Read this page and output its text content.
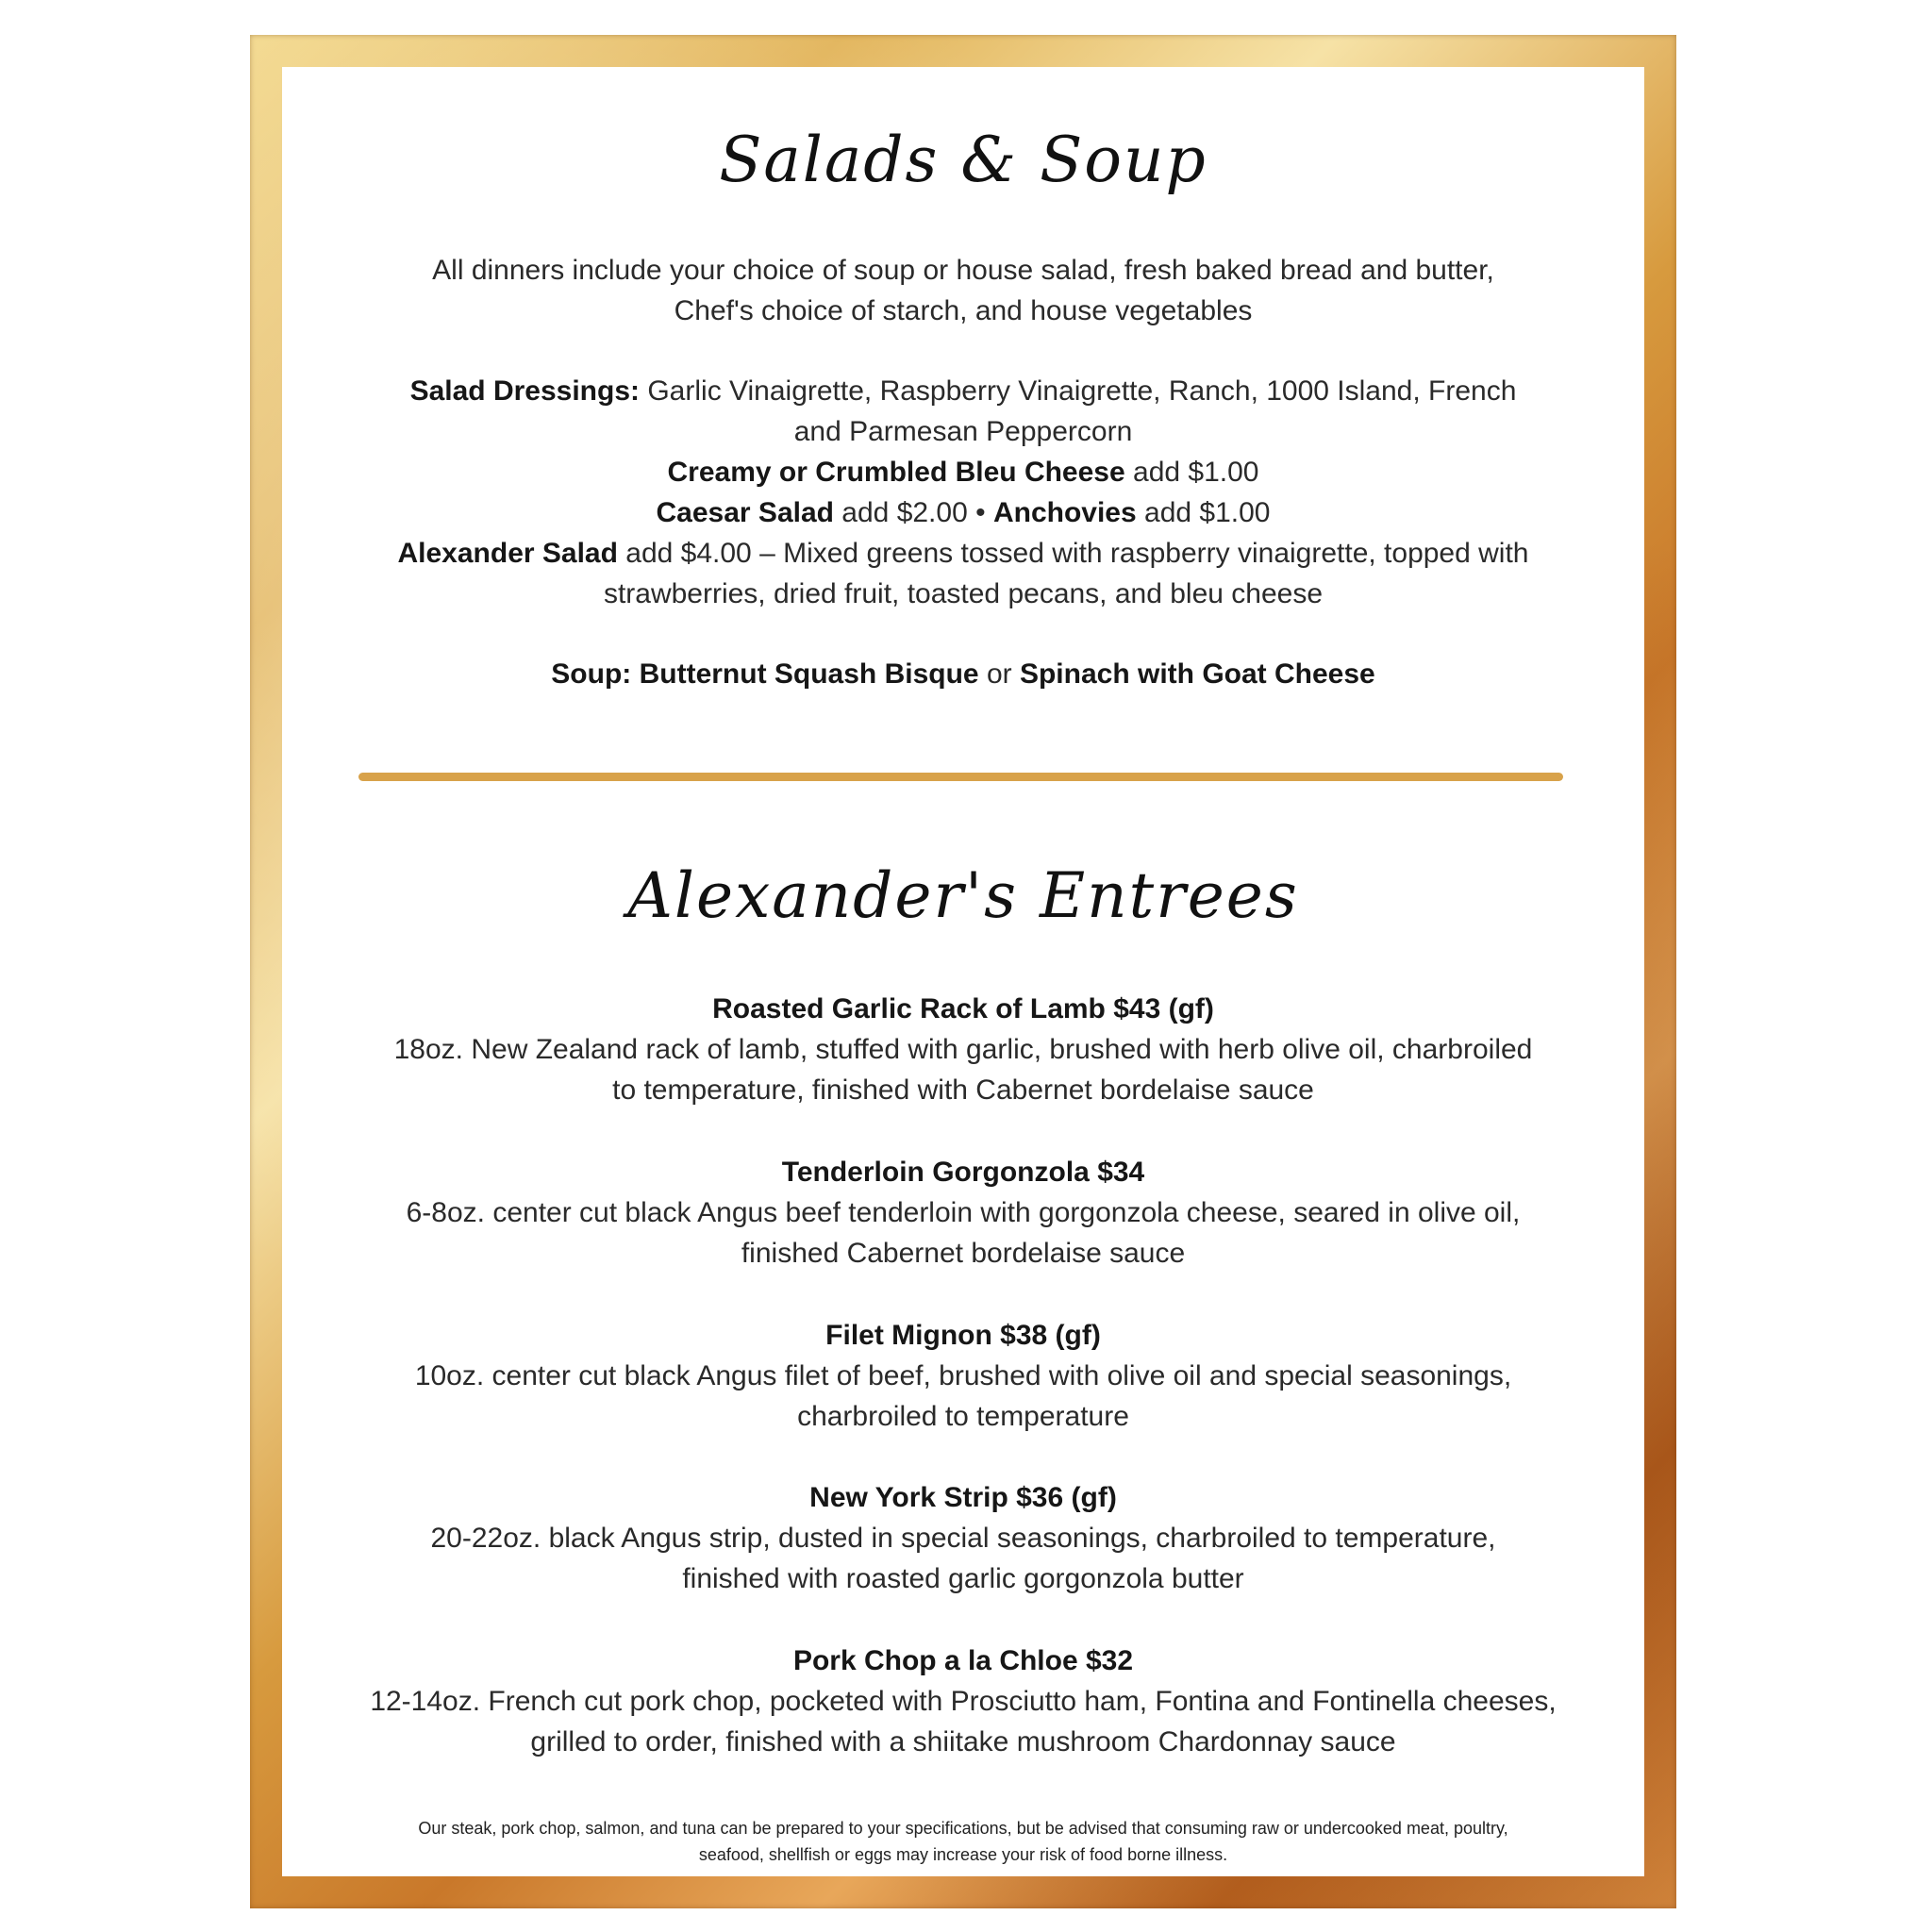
Salads & Soup
All dinners include your choice of soup or house salad, fresh baked bread and butter,
Chef's choice of starch, and house vegetables
Salad Dressings: Garlic Vinaigrette, Raspberry Vinaigrette, Ranch, 1000 Island, French
and Parmesan Peppercorn
Creamy or Crumbled Bleu Cheese add $1.00
Caesar Salad add $2.00 • Anchovies add $1.00
Alexander Salad add $4.00 – Mixed greens tossed with raspberry vinaigrette, topped with
strawberries, dried fruit, toasted pecans, and bleu cheese
Soup: Butternut Squash Bisque or Spinach with Goat Cheese
Alexander's Entrees
Roasted Garlic Rack of Lamb $43 (gf)
18oz. New Zealand rack of lamb, stuffed with garlic, brushed with herb olive oil, charbroiled
to temperature, finished with Cabernet bordelaise sauce
Tenderloin Gorgonzola $34
6-8oz. center cut black Angus beef tenderloin with gorgonzola cheese, seared in olive oil,
finished Cabernet bordelaise sauce
Filet Mignon $38 (gf)
10oz. center cut black Angus filet of beef, brushed with olive oil and special seasonings,
charbroiled to temperature
New York Strip $36 (gf)
20-22oz. black Angus strip, dusted in special seasonings, charbroiled to temperature,
finished with roasted garlic gorgonzola butter
Pork Chop a la Chloe $32
12-14oz. French cut pork chop, pocketed with Prosciutto ham, Fontina and Fontinella cheeses,
grilled to order, finished with a shiitake mushroom Chardonnay sauce
Our steak, pork chop, salmon, and tuna can be prepared to your specifications, but be advised that consuming raw or undercooked meat, poultry,
seafood, shellfish or eggs may increase your risk of food borne illness.
